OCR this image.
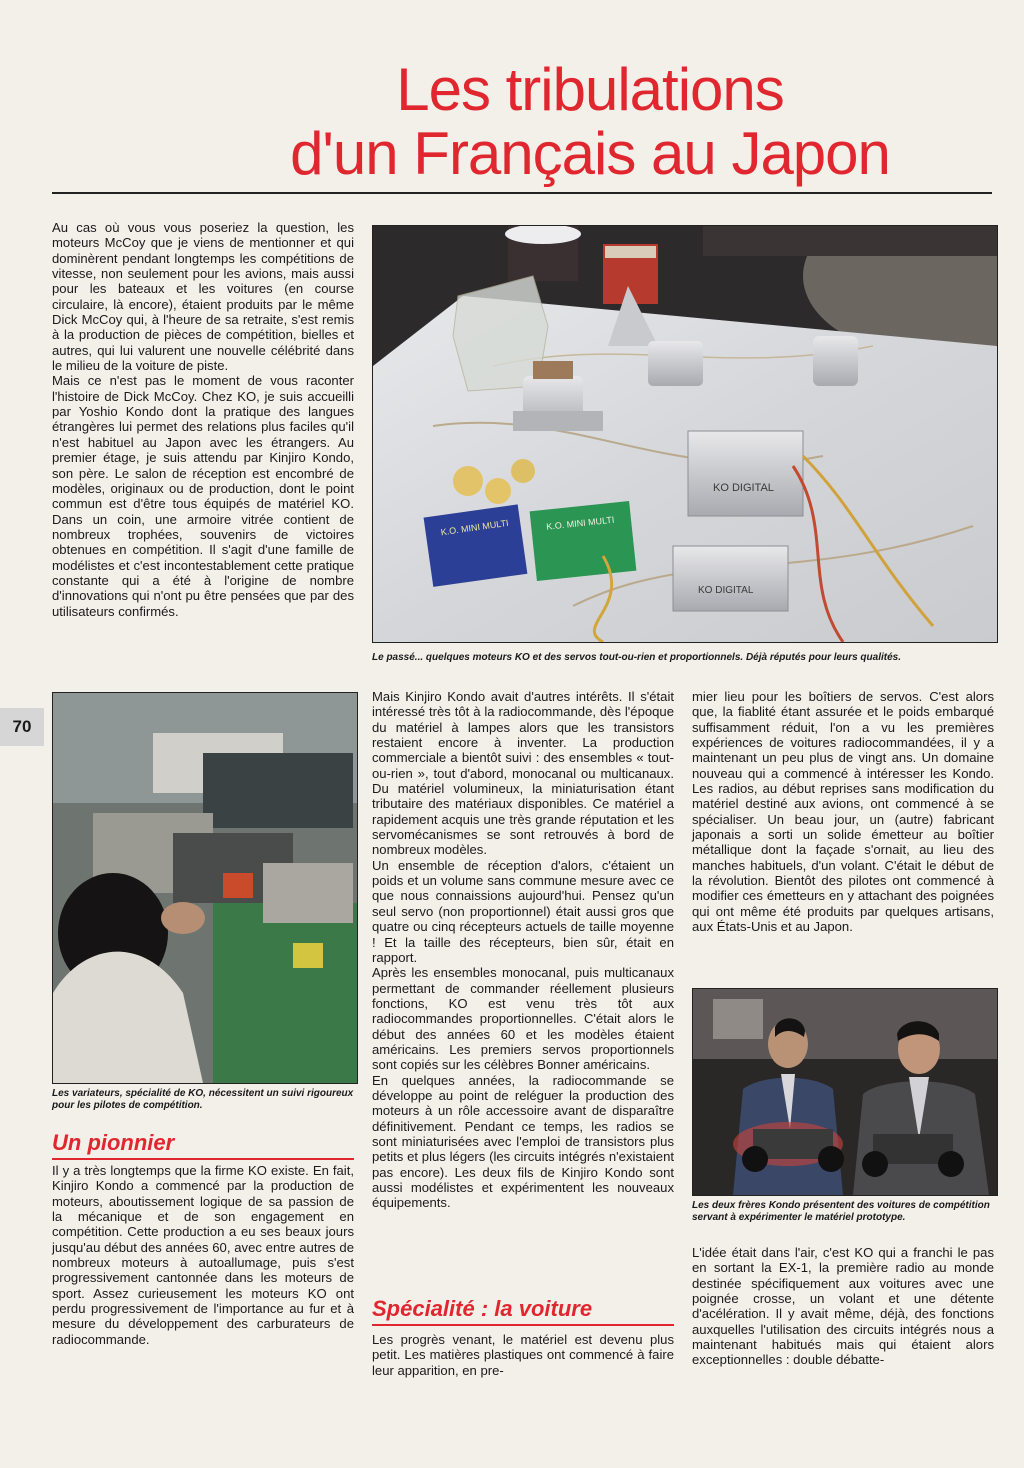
Les tribulations
d'un Français au Japon
70

Au cas où vous vous poseriez la question, les moteurs McCoy que je viens de mentionner et qui dominèrent pendant longtemps les compétitions de vitesse, non seulement pour les avions, mais aussi pour les bateaux et les voitures (en course circulaire, là encore), étaient produits par le même Dick McCoy qui, à l'heure de sa retraite, s'est remis à la production de pièces de compétition, bielles et autres, qui lui valurent une nouvelle célébrité dans le milieu de la voiture de piste.

Mais ce n'est pas le moment de vous raconter l'histoire de Dick McCoy. Chez KO, je suis accueilli par Yoshio Kondo dont la pratique des langues étrangères lui permet des relations plus faciles qu'il n'est habituel au Japon avec les étrangers. Au premier étage, je suis attendu par Kinjiro Kondo, son père. Le salon de réception est encombré de modèles, originaux ou de production, dont le point commun est d'être tous équipés de matériel KO. Dans un coin, une armoire vitrée contient de nombreux trophées, souvenirs de victoires obtenues en compétition. Il s'agit d'une famille de modélistes et c'est incontestablement cette pratique constante qui a été à l'origine de nombre d'innovations qui n'ont pu être pensées que par des utilisateurs confirmés.

KO DIGITAL
KO DIGITAL
K.O. MINI MULTI	K.O. MINI MULTI
Le passé... quelques moteurs KO et des servos tout-ou-rien et proportionnels. Déjà réputés pour leurs qualités.
Les variateurs, spécialité de KO, nécessitent un suivi rigoureux pour les pilotes de compétition.
Un pionnier
Il y a très longtemps que la firme KO existe. En fait, Kinjiro Kondo a commencé par la production de moteurs, aboutissement logique de sa passion de la mécanique et de son engagement en compétition. Cette production a eu ses beaux jours jusqu'au début des années 60, avec entre autres de nombreux moteurs à autoallumage, puis s'est progressivement cantonnée dans les moteurs de sport. Assez curieusement les moteurs KO ont perdu progressivement de l'importance au fur et à mesure du développement des carburateurs de radiocommande.

Mais Kinjiro Kondo avait d'autres intérêts. Il s'était intéressé très tôt à la radiocommande, dès l'époque du matériel à lampes alors que les transistors restaient encore à inventer. La production commerciale a bientôt suivi : des ensembles « tout-ou-rien », tout d'abord, monocanal ou multicanaux. Du matériel volumineux, la miniaturisation étant tributaire des matériaux disponibles. Ce matériel a rapidement acquis une très grande réputation et les servomécanismes se sont retrouvés à bord de nombreux modèles.

Un ensemble de réception d'alors, c'étaient un poids et un volume sans commune mesure avec ce que nous connaissions aujourd'hui. Pensez qu'un seul servo (non proportionnel) était aussi gros que quatre ou cinq récepteurs actuels de taille moyenne ! Et la taille des récepteurs, bien sûr, était en rapport.

Après les ensembles monocanal, puis multicanaux permettant de commander réellement plusieurs fonctions, KO est venu très tôt aux radiocommandes proportionnelles. C'était alors le début des années 60 et les modèles étaient américains. Les premiers servos proportionnels sont copiés sur les célèbres Bonner américains.

En quelques années, la radiocommande se développe au point de reléguer la production des moteurs à un rôle accessoire avant de disparaître définitivement. Pendant ce temps, les radios se sont miniaturisées avec l'emploi de transistors plus petits et plus légers (les circuits intégrés n'existaient pas encore). Les deux fils de Kinjiro Kondo sont aussi modélistes et expérimentent les nouveaux équipements.

Spécialité : la voiture
Les progrès venant, le matériel est devenu plus petit. Les matières plastiques ont commencé à faire leur apparition, en pre-
mier lieu pour les boîtiers de servos. C'est alors que, la fiablité étant assurée et le poids embarqué suffisamment réduit, l'on a vu les premières expériences de voitures radiocommandées, il y a maintenant un peu plus de vingt ans. Un domaine nouveau qui a commencé à intéresser les Kondo. Les radios, au début reprises sans modification du matériel destiné aux avions, ont commencé à se spécialiser. Un beau jour, un (autre) fabricant japonais a sorti un solide émetteur au boîtier métallique dont la façade s'ornait, au lieu des manches habituels, d'un volant. C'était le début de la révolution. Bientôt des pilotes ont commencé à modifier ces émetteurs en y attachant des poignées qui ont même été produits par quelques artisans, aux États-Unis et au Japon.
Les deux frères Kondo présentent des voitures de compétition servant à expérimenter le matériel prototype.
L'idée était dans l'air, c'est KO qui a franchi le pas en sortant la EX-1, la première radio au monde destinée spécifiquement aux voitures avec une poignée crosse, un volant et une détente d'acélération. Il y avait même, déjà, des fonctions auxquelles l'utilisation des circuits intégrés nous a maintenant habitués mais qui étaient alors exceptionnelles : double débatte-
